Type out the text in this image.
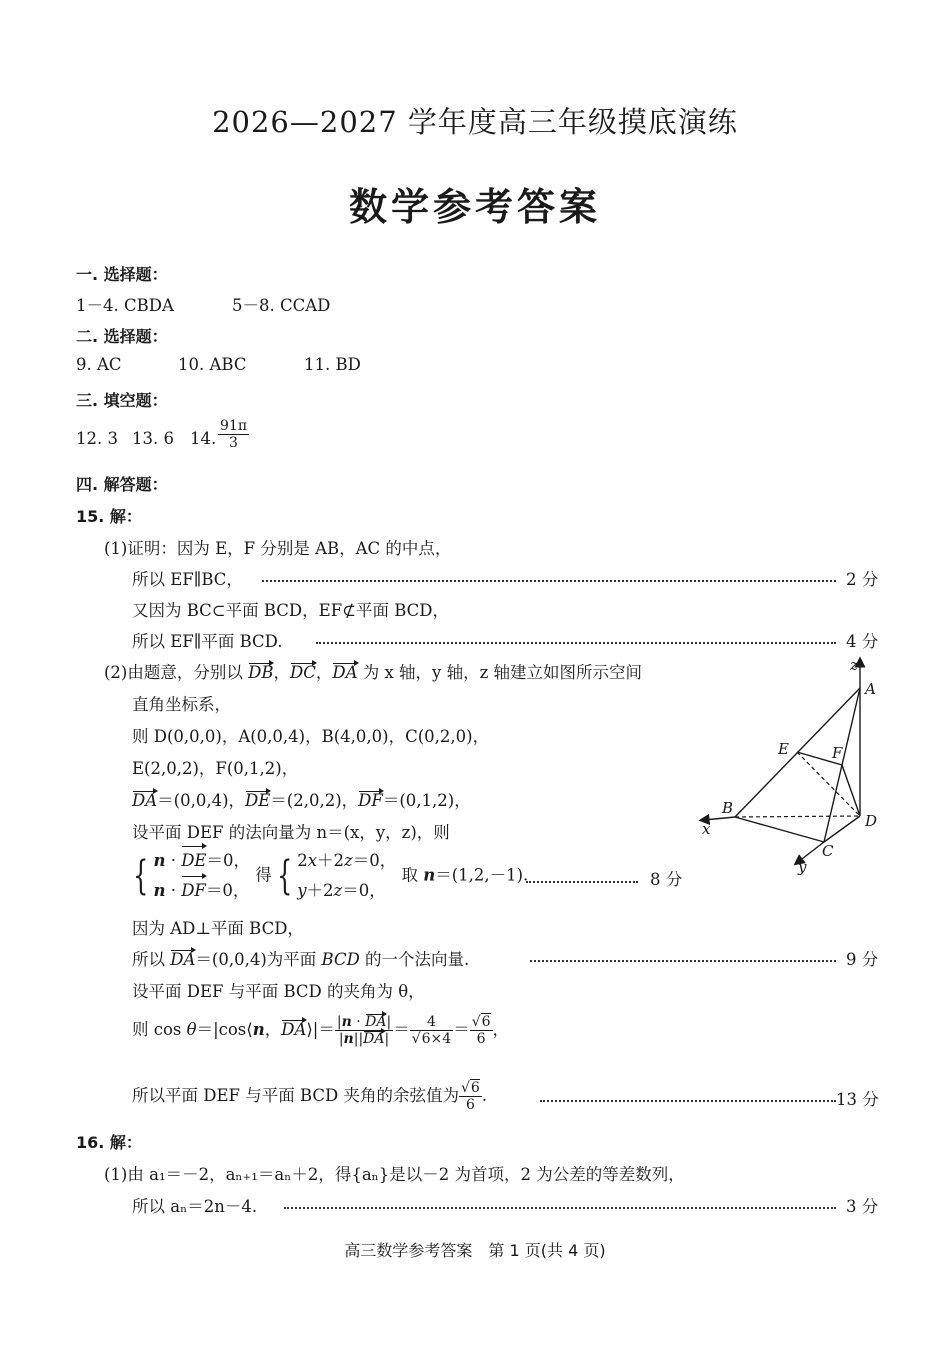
2026—2027 学年度高三年级摸底演练
数学参考答案
一. 选择题：
1－4. CBDA	5－8. CCAD
二. 选择题：
9. AC	10. ABC	11. BD
三. 填空题：
12. 3 13. 6 14. $\frac{91\pi}{3}$
四. 解答题：
15. 解：
(1)证明：因为 E，F 分别是 AB，AC 的中点，
所以 EF∥BC，	2 分
又因为 BC⊂平面 BCD，EF⊄平面 BCD，
所以 EF∥平面 BCD.	4 分
(2)由题意，分别以 DB，DC，DA 为 x 轴，y 轴，z 轴建立如图所示空间
直角坐标系，
则 D(0,0,0)，A(0,0,4)，B(4,0,0)，C(0,2,0)，
E(2,0,2)，F(0,1,2)，
DA＝(0,0,4)，DE＝(2,0,2)，DF＝(0,1,2)，
设平面 DEF 的法向量为 n＝(x，y，z)，则
{ n · DE＝0，
n · DF＝0， 得 { 2x＋2z＝0，
y＋2z＝0， 取 n＝(1,2,－1).	8 分
因为 AD⊥平面 BCD，
所以 DA＝(0,0,4)为平面 BCD 的一个法向量.	9 分
设平面 DEF 与平面 BCD 的夹角为 θ，
则 cos θ＝|cos⟨n，DA⟩|＝ $\frac{|n \cdot DA|}{|n||DA|} = \frac{4}{√6\times 4} = \frac{√6}{6}$ ，
所以平面 DEF 与平面 BCD 夹角的余弦值为 $\frac{√6}{6}$ .	13 分
16. 解：
(1)由 a₁＝－2，aₙ₊₁＝aₙ＋2，得{aₙ}是以－2 为首项，2 为公差的等差数列，
所以 aₙ＝2n－4.	3 分
高三数学参考答案　第 1 页(共 4 页)
z
A
E	F
B
D
x
C
y
